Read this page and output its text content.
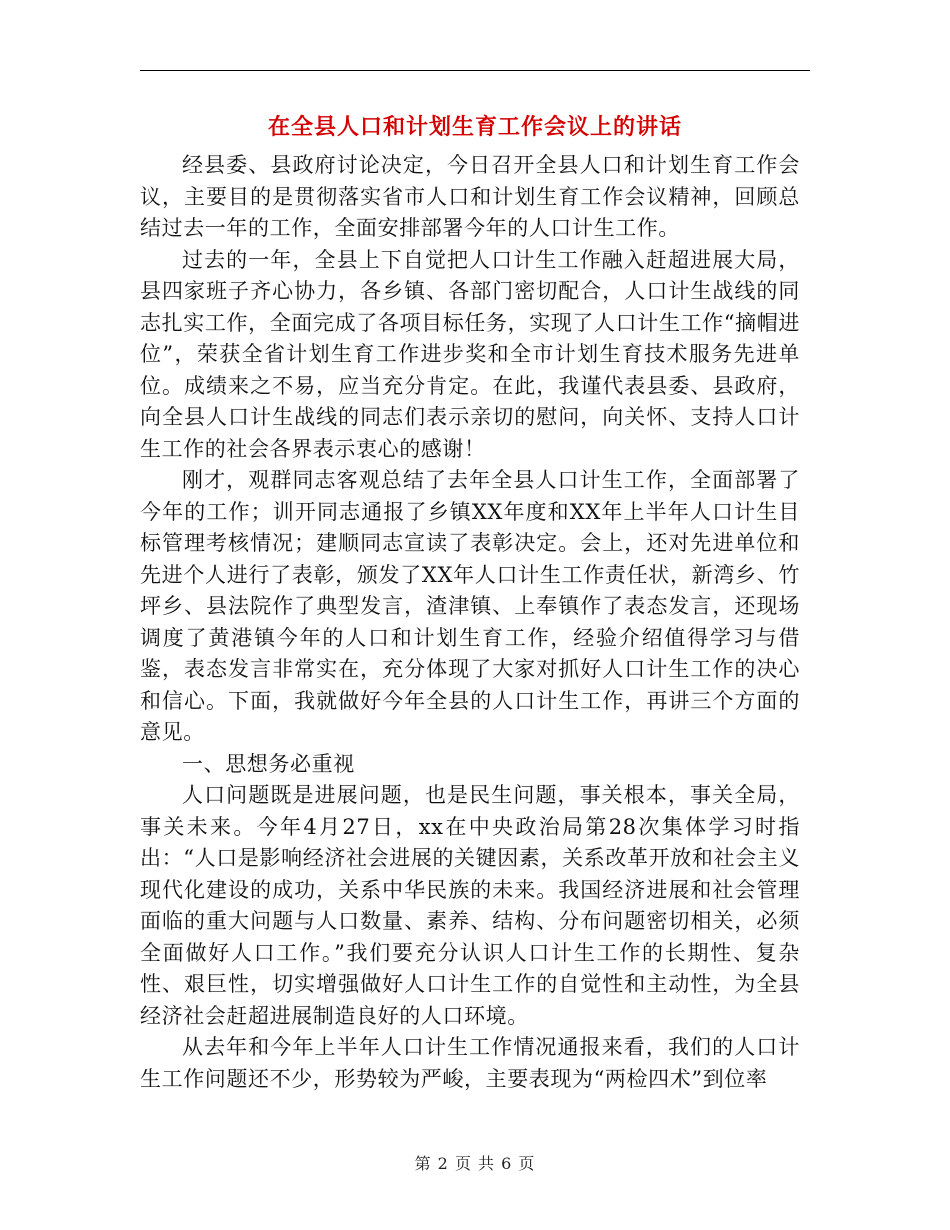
在全县人口和计划生育工作会议上的讲话

经县委、县政府讨论决定，今日召开全县人口和计划生育工作会议，主要目的是贯彻落实省市人口和计划生育工作会议精神，回顾总结过去一年的工作，全面安排部署今年的人口计生工作。

过去的一年，全县上下自觉把人口计生工作融入赶超进展大局，县四家班子齐心协力，各乡镇、各部门密切配合，人口计生战线的同志扎实工作，全面完成了各项目标任务，实现了人口计生工作“摘帽进位”，荣获全省计划生育工作进步奖和全市计划生育技术服务先进单位。成绩来之不易，应当充分肯定。在此，我谨代表县委、县政府，向全县人口计生战线的同志们表示亲切的慰问，向关怀、支持人口计生工作的社会各界表示衷心的感谢！

刚才，观群同志客观总结了去年全县人口计生工作，全面部署了今年的工作；训开同志通报了乡镇XX年度和XX年上半年人口计生目标管理考核情况；建顺同志宣读了表彰决定。会上，还对先进单位和先进个人进行了表彰，颁发了XX年人口计生工作责任状，新湾乡、竹坪乡、县法院作了典型发言，渣津镇、上奉镇作了表态发言，还现场调度了黄港镇今年的人口和计划生育工作，经验介绍值得学习与借鉴，表态发言非常实在，充分体现了大家对抓好人口计生工作的决心和信心。下面，我就做好今年全县的人口计生工作，再讲三个方面的意见。

一、思想务必重视

人口问题既是进展问题，也是民生问题，事关根本，事关全局，事关未来。今年4月27日，xx在中央政治局第28次集体学习时指出：“人口是影响经济社会进展的关键因素，关系改革开放和社会主义现代化建设的成功，关系中华民族的未来。我国经济进展和社会管理面临的重大问题与人口数量、素养、结构、分布问题密切相关，必须全面做好人口工作。”我们要充分认识人口计生工作的长期性、复杂性、艰巨性，切实增强做好人口计生工作的自觉性和主动性，为全县经济社会赶超进展制造良好的人口环境。

从去年和今年上半年人口计生工作情况通报来看，我们的人口计生工作问题还不少，形势较为严峻，主要表现为“两检四术”到位率

第 2 页 共 6 页
